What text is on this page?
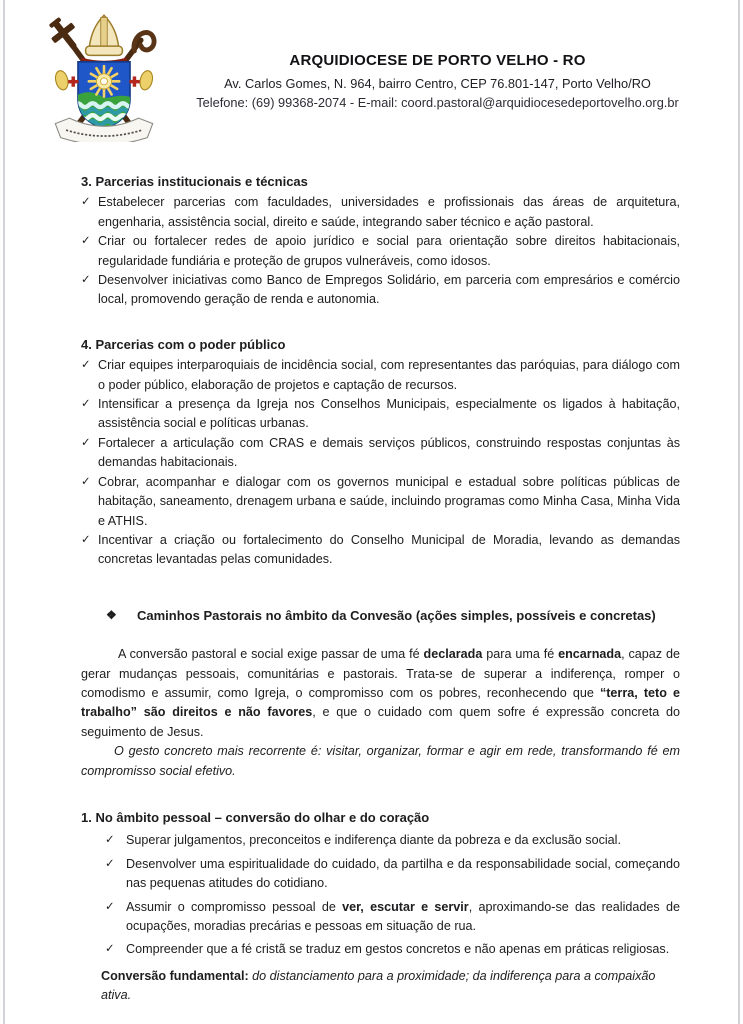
ARQUIDIOCESE DE PORTO VELHO - RO
Av. Carlos Gomes, N. 964, bairro Centro, CEP 76.801-147, Porto Velho/RO
Telefone: (69) 99368-2074 - E-mail: coord.pastoral@arquidiocesedeportovelho.org.br
3. Parcerias institucionais e técnicas
✓ Estabelecer parcerias com faculdades, universidades e profissionais das áreas de arquitetura, engenharia, assistência social, direito e saúde, integrando saber técnico e ação pastoral.
✓ Criar ou fortalecer redes de apoio jurídico e social para orientação sobre direitos habitacionais, regularidade fundiária e proteção de grupos vulneráveis, como idosos.
✓ Desenvolver iniciativas como Banco de Empregos Solidário, em parceria com empresários e comércio local, promovendo geração de renda e autonomia.
4. Parcerias com o poder público
✓ Criar equipes interparoquiais de incidência social, com representantes das paróquias, para diálogo com o poder público, elaboração de projetos e captação de recursos.
✓ Intensificar a presença da Igreja nos Conselhos Municipais, especialmente os ligados à habitação, assistência social e políticas urbanas.
✓ Fortalecer a articulação com CRAS e demais serviços públicos, construindo respostas conjuntas às demandas habitacionais.
✓ Cobrar, acompanhar e dialogar com os governos municipal e estadual sobre políticas públicas de habitação, saneamento, drenagem urbana e saúde, incluindo programas como Minha Casa, Minha Vida e ATHIS.
✓ Incentivar a criação ou fortalecimento do Conselho Municipal de Moradia, levando as demandas concretas levantadas pelas comunidades.
❖	Caminhos Pastorais no âmbito da Convesão (ações simples, possíveis e concretas)

A conversão pastoral e social exige passar de uma fé declarada para uma fé encarnada, capaz de gerar mudanças pessoais, comunitárias e pastorais. Trata-se de superar a indiferença, romper o comodismo e assumir, como Igreja, o compromisso com os pobres, reconhecendo que “terra, teto e trabalho” são direitos e não favores, e que o cuidado com quem sofre é expressão concreta do seguimento de Jesus.

O gesto concreto mais recorrente é: visitar, organizar, formar e agir em rede, transformando fé em compromisso social efetivo.

1. No âmbito pessoal – conversão do olhar e do coração
✓ Superar julgamentos, preconceitos e indiferença diante da pobreza e da exclusão social.
✓ Desenvolver uma espiritualidade do cuidado, da partilha e da responsabilidade social, começando nas pequenas atitudes do cotidiano.
✓ Assumir o compromisso pessoal de ver, escutar e servir, aproximando-se das realidades de ocupações, moradias precárias e pessoas em situação de rua.
✓ Compreender que a fé cristã se traduz em gestos concretos e não apenas em práticas religiosas.

Conversão fundamental: do distanciamento para a proximidade; da indiferença para a compaixão ativa.
